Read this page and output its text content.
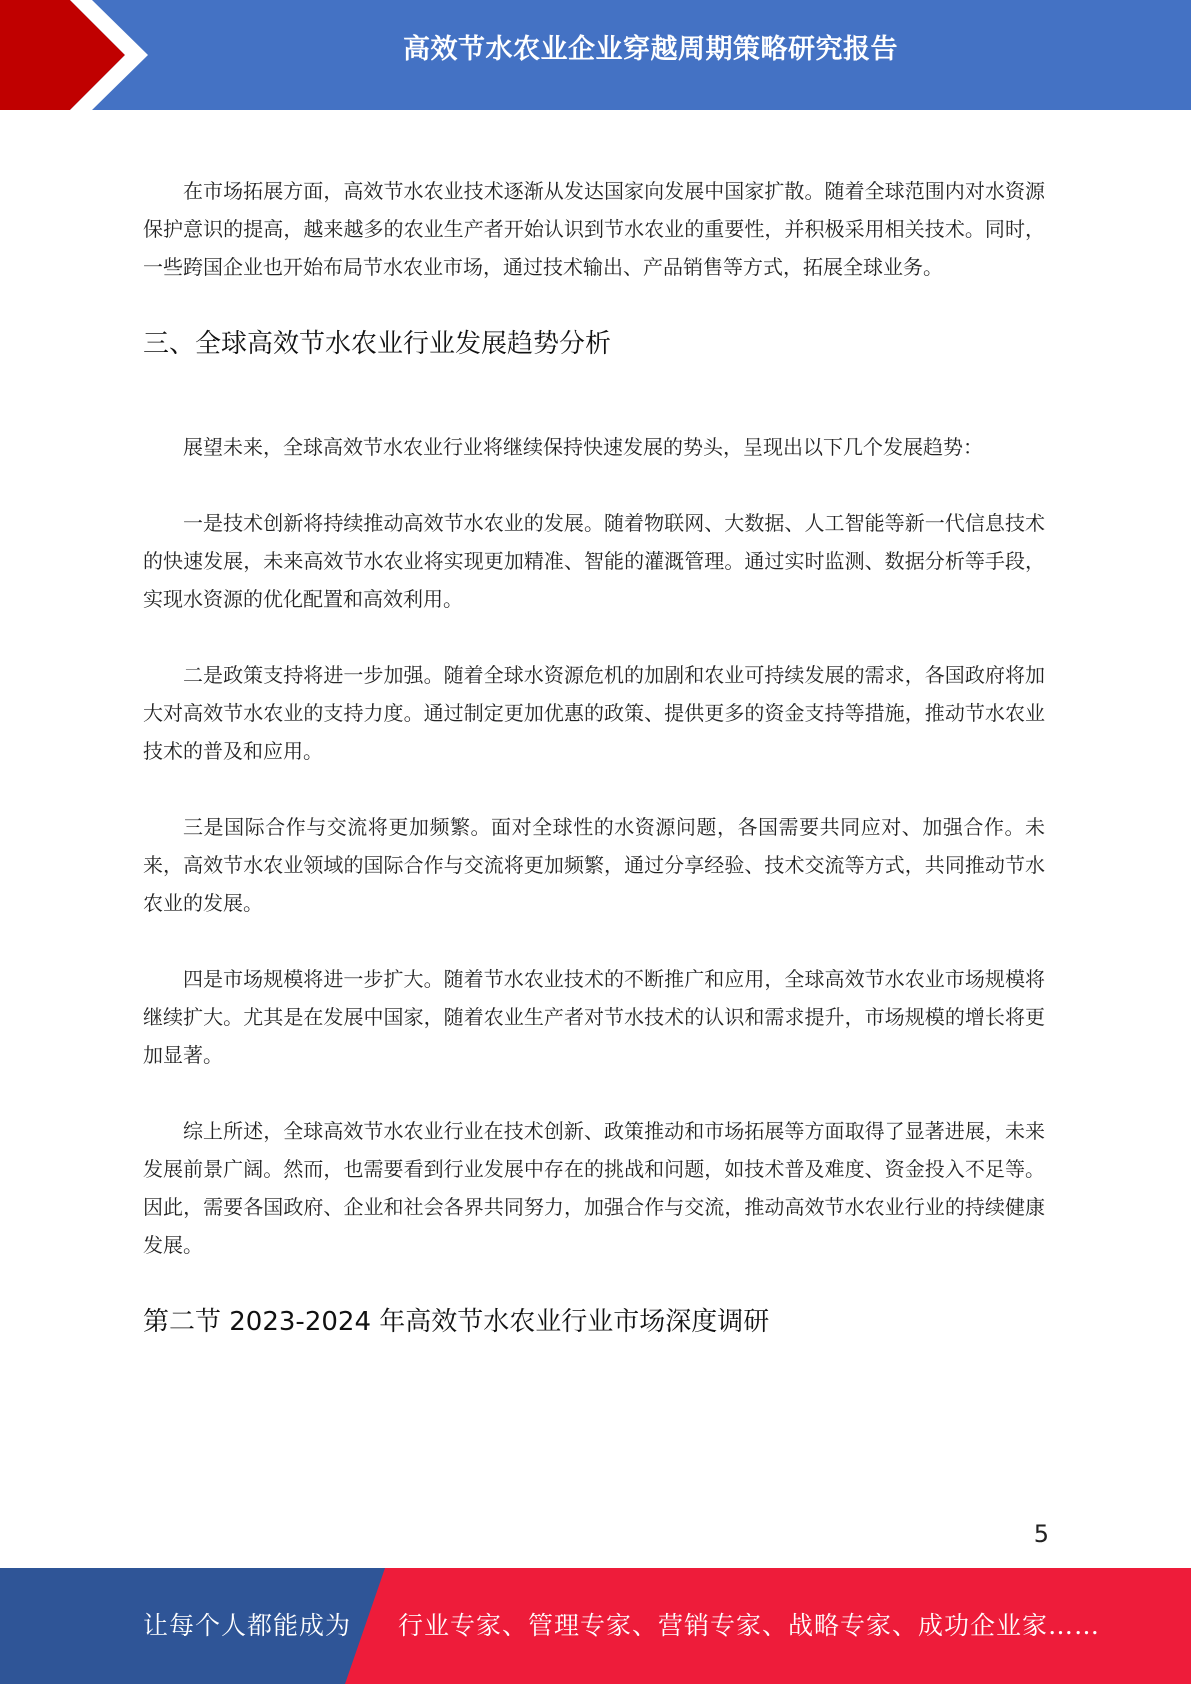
高效节水农业企业穿越周期策略研究报告

在市场拓展方面，高效节水农业技术逐渐从发达国家向发展中国家扩散。随着全球范围内对水资源保护意识的提高，越来越多的农业生产者开始认识到节水农业的重要性，并积极采用相关技术。同时，一些跨国企业也开始布局节水农业市场，通过技术输出、产品销售等方式，拓展全球业务。

三、全球高效节水农业行业发展趋势分析

展望未来，全球高效节水农业行业将继续保持快速发展的势头，呈现出以下几个发展趋势：

一是技术创新将持续推动高效节水农业的发展。随着物联网、大数据、人工智能等新一代信息技术的快速发展，未来高效节水农业将实现更加精准、智能的灌溉管理。通过实时监测、数据分析等手段，实现水资源的优化配置和高效利用。

二是政策支持将进一步加强。随着全球水资源危机的加剧和农业可持续发展的需求，各国政府将加大对高效节水农业的支持力度。通过制定更加优惠的政策、提供更多的资金支持等措施，推动节水农业技术的普及和应用。

三是国际合作与交流将更加频繁。面对全球性的水资源问题，各国需要共同应对、加强合作。未来，高效节水农业领域的国际合作与交流将更加频繁，通过分享经验、技术交流等方式，共同推动节水农业的发展。

四是市场规模将进一步扩大。随着节水农业技术的不断推广和应用，全球高效节水农业市场规模将继续扩大。尤其是在发展中国家，随着农业生产者对节水技术的认识和需求提升，市场规模的增长将更加显著。

综上所述，全球高效节水农业行业在技术创新、政策推动和市场拓展等方面取得了显著进展，未来发展前景广阔。然而，也需要看到行业发展中存在的挑战和问题，如技术普及难度、资金投入不足等。因此，需要各国政府、企业和社会各界共同努力，加强合作与交流，推动高效节水农业行业的持续健康发展。

第二节 2023-2024 年高效节水农业行业市场深度调研
5
让每个人都能成为 行业专家、管理专家、营销专家、战略专家、成功企业家……
